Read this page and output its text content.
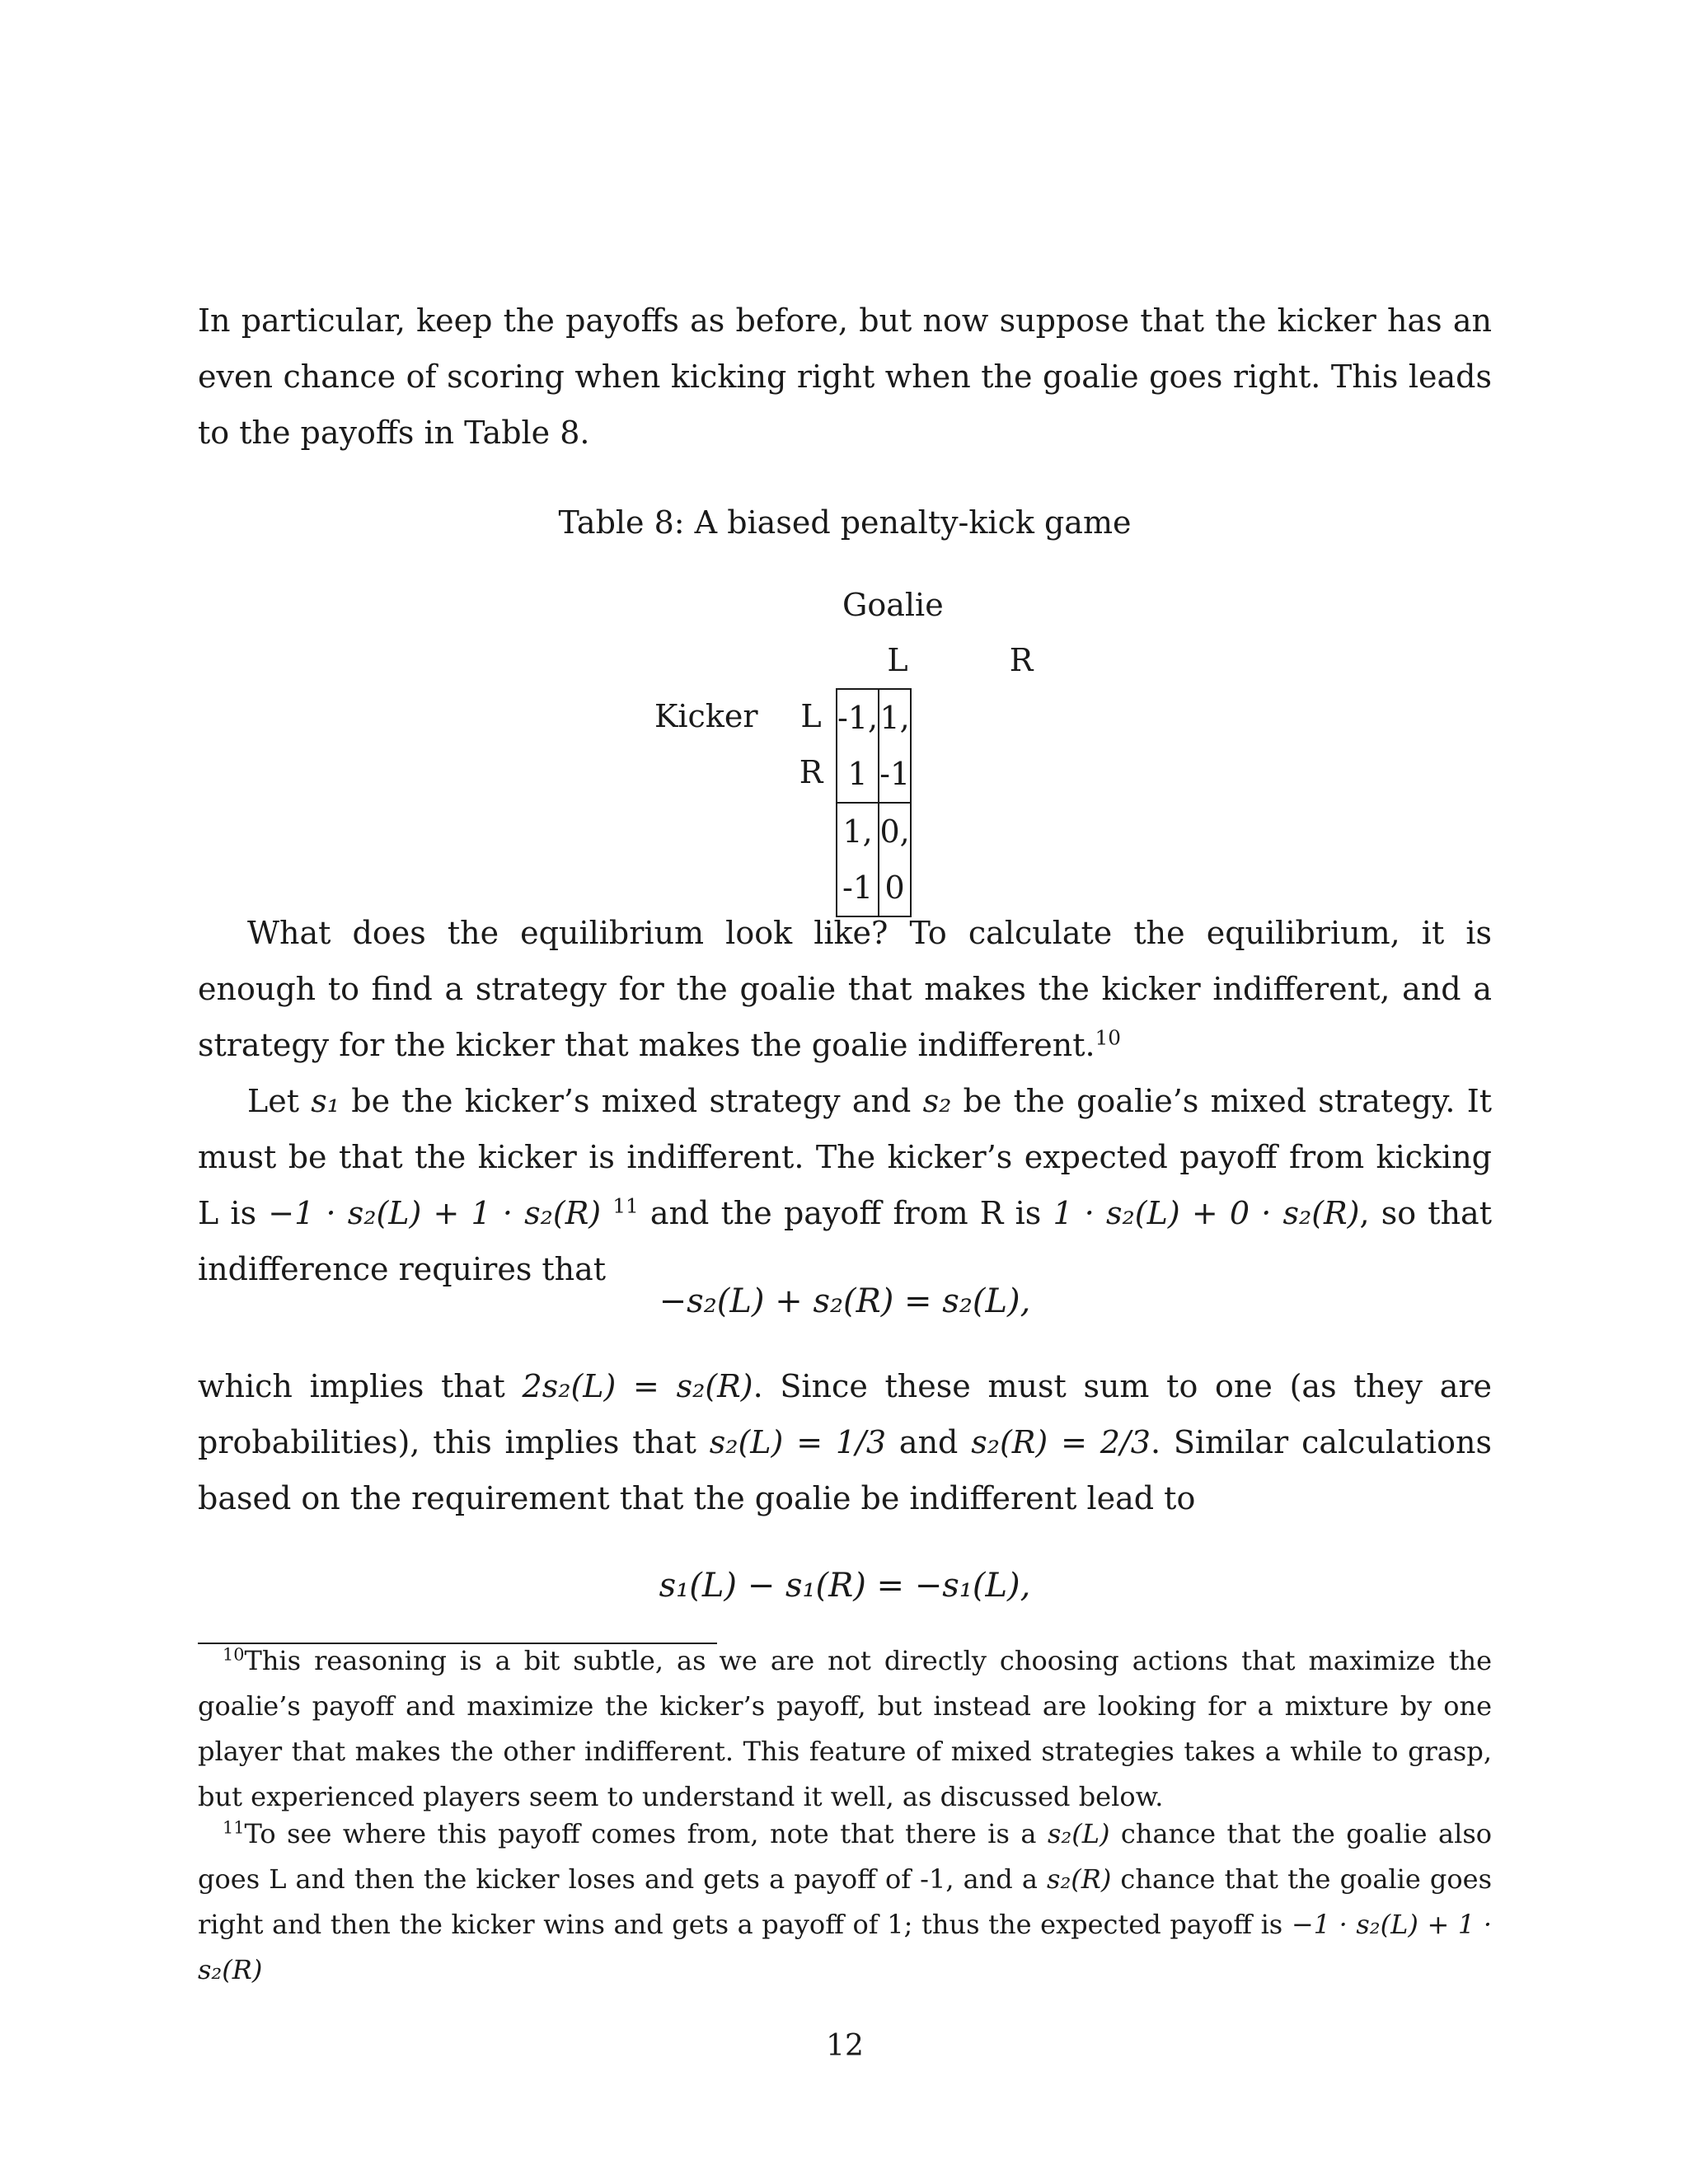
In particular, keep the payoffs as before, but now suppose that the kicker has an even chance of scoring when kicking right when the goalie goes right. This leads to the payoffs in Table 8.

Table 8: A biased penalty-kick game
Goalie
L	R
Kicker L
R
-1, 1	1, -1
1, -1	0, 0

What does the equilibrium look like? To calculate the equilibrium, it is enough to find a strategy for the goalie that makes the kicker indifferent, and a strategy for the kicker that makes the goalie indifferent.$^{10}$

Let s₁ be the kicker’s mixed strategy and s₂ be the goalie’s mixed strategy. It must be that the kicker is indifferent. The kicker’s expected payoff from kicking L is −1 · s₂(L) + 1 · s₂(R) $^{11}$ and the payoff from R is 1 · s₂(L) + 0 · s₂(R), so that indifference requires that

−s₂(L) + s₂(R) = s₂(L),

which implies that 2s₂(L) = s₂(R). Since these must sum to one (as they are probabilities), this implies that s₂(L) = 1/3 and s₂(R) = 2/3. Similar calculations based on the requirement that the goalie be indifferent lead to

s₁(L) − s₁(R) = −s₁(L),

$^{10}$This reasoning is a bit subtle, as we are not directly choosing actions that maximize the goalie’s payoff and maximize the kicker’s payoff, but instead are looking for a mixture by one player that makes the other indifferent. This feature of mixed strategies takes a while to grasp, but experienced players seem to understand it well, as discussed below.

$^{11}$To see where this payoff comes from, note that there is a s₂(L) chance that the goalie also goes L and then the kicker loses and gets a payoff of -1, and a s₂(R) chance that the goalie goes right and then the kicker wins and gets a payoff of 1; thus the expected payoff is −1 · s₂(L) + 1 · s₂(R)

12
